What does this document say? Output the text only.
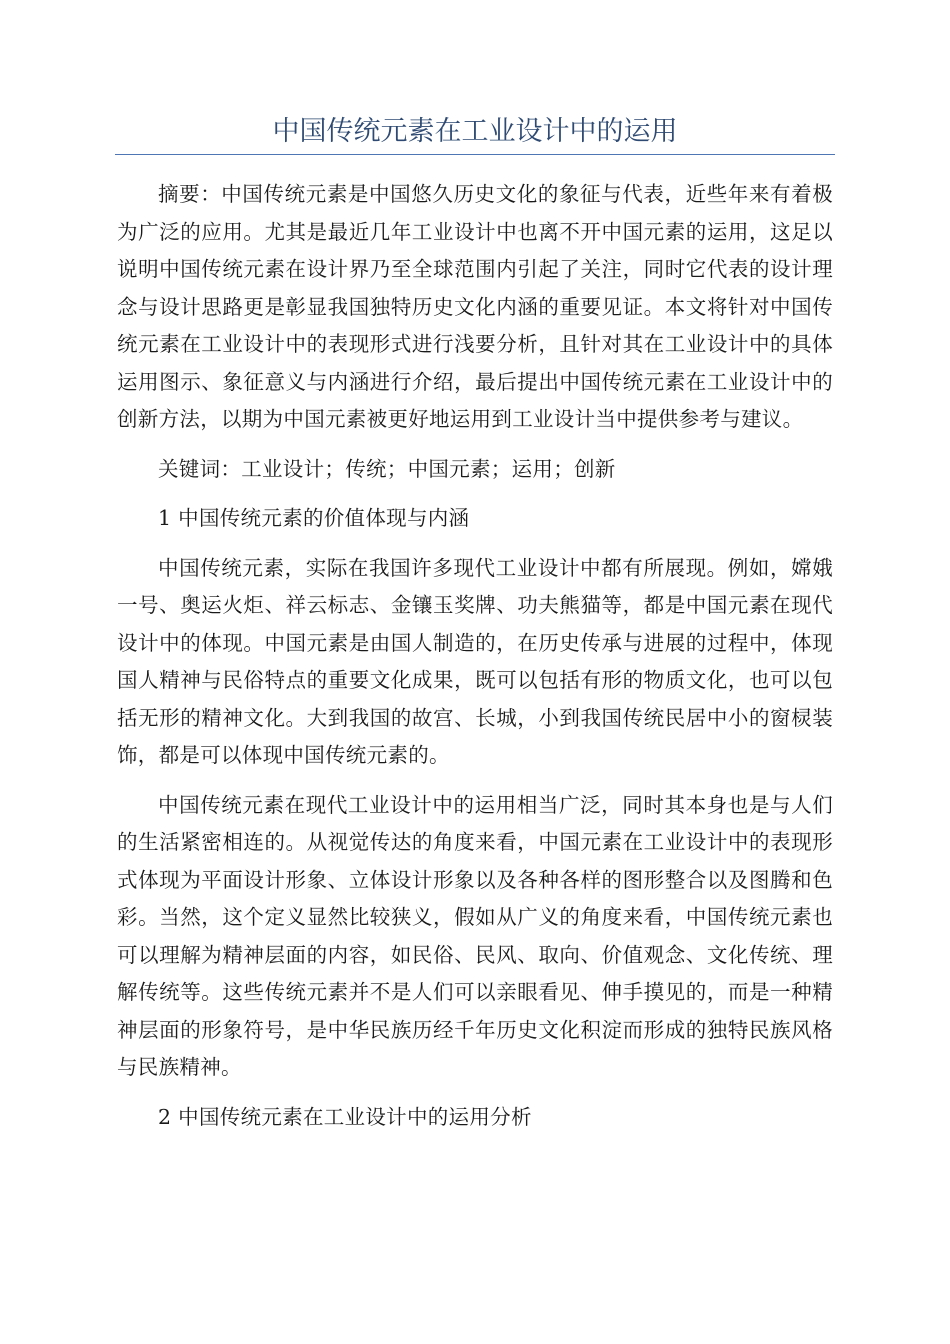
中国传统元素在工业设计中的运用

摘要：中国传统元素是中国悠久历史文化的象征与代表，近些年来有着极为广泛的应用。尤其是最近几年工业设计中也离不开中国元素的运用，这足以说明中国传统元素在设计界乃至全球范围内引起了关注，同时它代表的设计理念与设计思路更是彰显我国独特历史文化内涵的重要见证。本文将针对中国传统元素在工业设计中的表现形式进行浅要分析，且针对其在工业设计中的具体运用图示、象征意义与内涵进行介绍，最后提出中国传统元素在工业设计中的创新方法，以期为中国元素被更好地运用到工业设计当中提供参考与建议。

关键词：工业设计；传统；中国元素；运用；创新

1 中国传统元素的价值体现与内涵

中国传统元素，实际在我国许多现代工业设计中都有所展现。例如，嫦娥一号、奥运火炬、祥云标志、金镶玉奖牌、功夫熊猫等，都是中国元素在现代设计中的体现。中国元素是由国人制造的，在历史传承与进展的过程中，体现国人精神与民俗特点的重要文化成果，既可以包括有形的物质文化，也可以包括无形的精神文化。大到我国的故宫、长城，小到我国传统民居中小的窗棂装饰，都是可以体现中国传统元素的。

中国传统元素在现代工业设计中的运用相当广泛，同时其本身也是与人们的生活紧密相连的。从视觉传达的角度来看，中国元素在工业设计中的表现形式体现为平面设计形象、立体设计形象以及各种各样的图形整合以及图腾和色彩。当然，这个定义显然比较狭义，假如从广义的角度来看，中国传统元素也可以理解为精神层面的内容，如民俗、民风、取向、价值观念、文化传统、理解传统等。这些传统元素并不是人们可以亲眼看见、伸手摸见的，而是一种精神层面的形象符号，是中华民族历经千年历史文化积淀而形成的独特民族风格与民族精神。

2 中国传统元素在工业设计中的运用分析
